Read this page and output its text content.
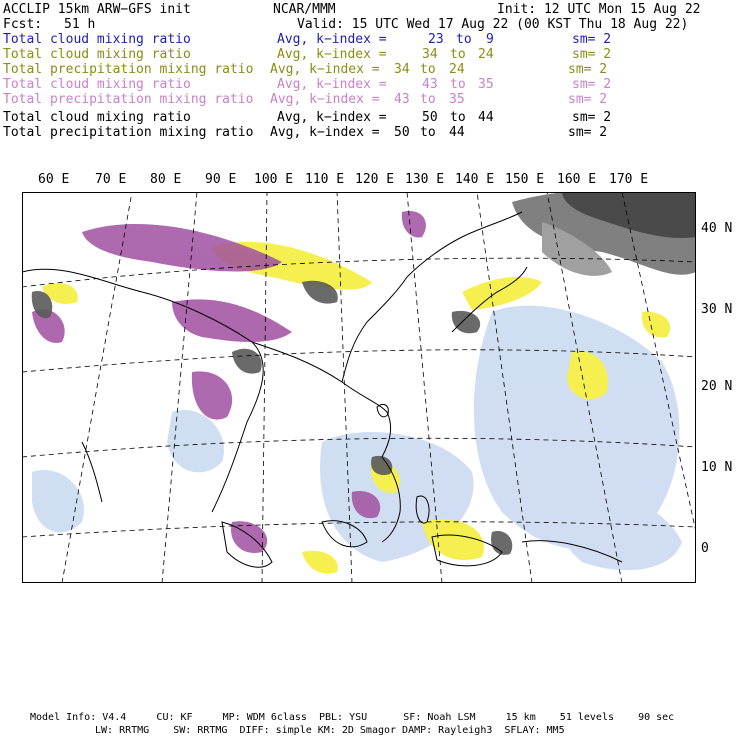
ACCLIP 15km ARW−GFS init	NCAR/MMM	Init: 12 UTC Mon 15 Aug 22
Fcst: 51 h	Valid: 15 UTC Wed 17 Aug 22 (00 KST Thu 18 Aug 22)
Total cloud mixing ratio	Avg, k−index =	23 to 9	sm= 2
Total cloud mixing ratio	Avg, k−index =	34 to 24	sm= 2
Total precipitation mixing ratio Avg, k−index = 34 to 24	sm= 2
Total cloud mixing ratio	Avg, k−index =	43 to 35	sm= 2
Total precipitation mixing ratio Avg, k−index = 43 to 35	sm= 2
Total cloud mixing ratio	Avg, k−index =	50 to 44	sm= 2
Total precipitation mixing ratio Avg, k−index = 50 to 44	sm= 2
60 E 70 E 80 E 90 E 100 E 110 E 120 E 130 E 140 E 150 E 160 E 170 E
40 N
30 N
20 N
10 N
0
Model Info: V4.4     CU: KF     MP: WDM 6class  PBL: YSU      SF: Noah LSM     15 km    51 levels    90 sec
LW: RRTMG    SW: RRTMG  DIFF: simple KM: 2D Smagor DAMP: Rayleigh3  SFLAY: MM5
